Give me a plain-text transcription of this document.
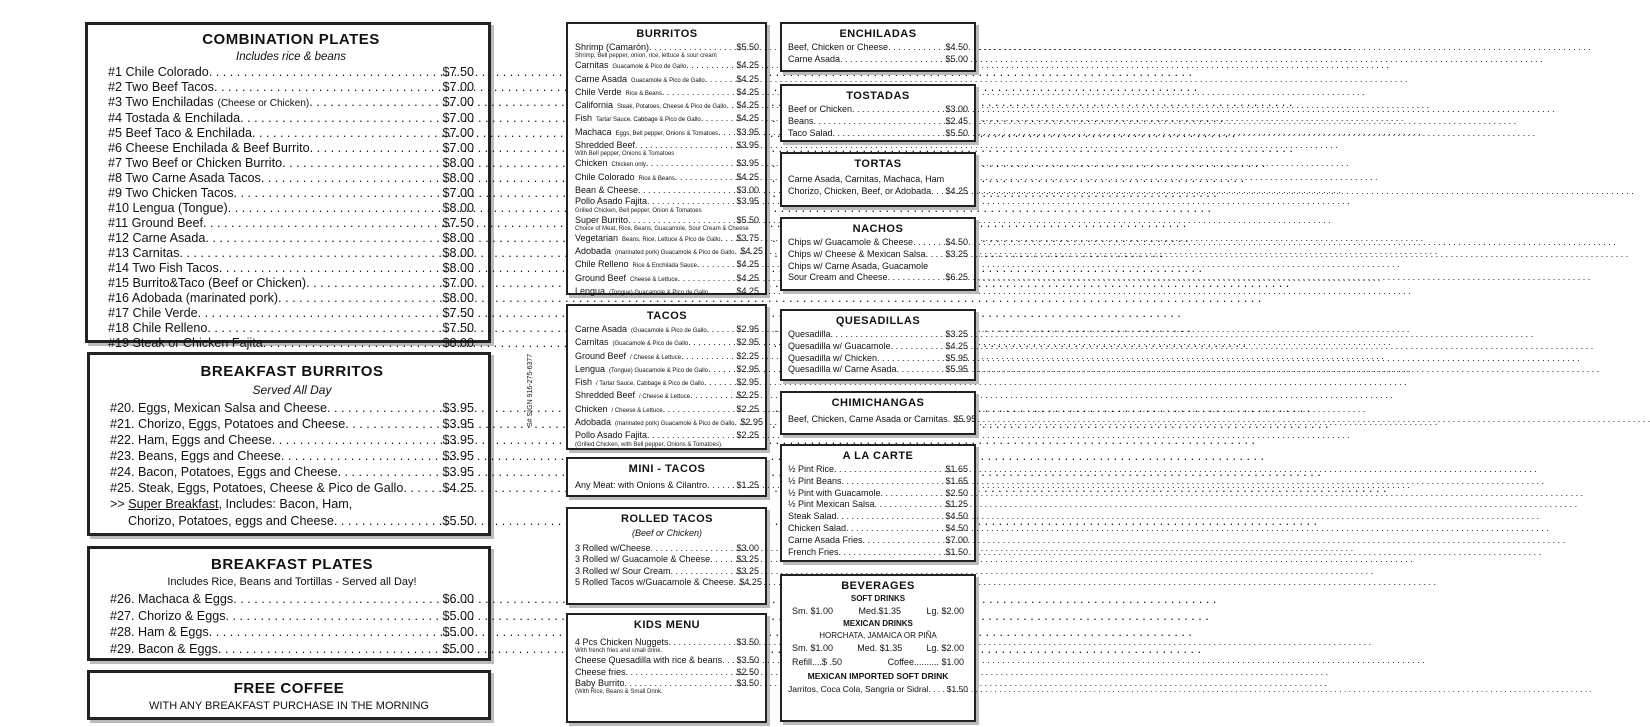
COMBINATION PLATES
Includes rice & beans
#1 Chile Colorado . . .	$7.50
#2 Two Beef Tacos . . .	$7.00
#3 Two Enchiladas (Cheese or Chicken) . . .	$7.00
#4 Tostada & Enchilada . . .	$7.00
#5 Beef Taco & Enchilada . . .	$7.00
#6 Cheese Enchilada & Beef Burrito . . .	$7.00
#7 Two Beef or Chicken Burrito . . .	$8.00
#8 Two Carne Asada Tacos . . .	$8.00
#9 Two Chicken Tacos . . .	$7.00
#10 Lengua (Tongue) . . .	$8.00
#11 Ground Beef . . .	$7.50
#12 Carne Asada . . .	$8.00
#13 Carnitas . . .	$8.00
#14 Two Fish Tacos . . .	$8.00
#15 Burrito&Taco (Beef or Chicken) . . .	$7.00
#16 Adobada (marinated pork) . . .	$8.00
#17 Chile Verde . . .	$7.50
#18 Chile Relleno . . .	$7.50
#19 Steak or Chicken Fajita . . .	$8.00
BREAKFAST BURRITOS
Served All Day
#20. Eggs, Mexican Salsa and Cheese . . .	$3.95
#21. Chorizo, Eggs, Potatoes and Cheese . . .	$3.95
#22. Ham, Eggs and Cheese . . .	$3.95
#23. Beans, Eggs and Cheese . . .	$3.95
#24. Bacon, Potatoes, Eggs and Cheese . . .	$3.95
#25. Steak, Eggs, Potatoes, Cheese & Pico de Gallo . . .	$4.25
>> Super Breakfast, Includes: Bacon, Ham,
Chorizo, Potatoes, eggs and Cheese . . .	$5.50
BREAKFAST PLATES
Includes Rice, Beans and Tortillas - Served all Day!
#26. Machaca & Eggs . . .	$6.00
#27. Chorizo & Eggs . . .	$5.00
#28. Ham & Eggs . . .	$5.00
#29. Bacon & Eggs . . .	$5.00
FREE COFFEE
WITH ANY BREAKFAST PURCHASE IN THE MORNING
S# SIGN 916-275-6377
BURRITOS
Shrimp (Camarón) . . .	$5.50
Shrimp, Bell pepper, onion, rice, lettuce & sour cream
Carnitas Guacamole & Pico de Gallo . . .	$4.25
Carne Asada Guacamole & Pico de Gallo . . .	$4.25
Chile Verde Rice & Beans . . .	$4.25
California Steak, Potatoes, Cheese & Pico de Gallo . . . $4.25
Fish Tartar Sauce, Cabbage & Pico de Gallo . . .	$4.25
Machaca Eggs, Bell pepper, Onions & Tomatoes . . . $3.95
Shredded Beef . . .	$3.95
With Bell pepper, Onions & Tomatoes
Chicken Chicken only . . .	$3.95
Chile Colorado Rice & Beans . . .	$4.25
Bean & Cheese . . .	$3.00
Pollo Asado Fajita . . .	$3.95
Grilled Chicken, Bell pepper, Onion & Tomatoes
Super Burrito . . .	$5.50
Choice of Meat, Rice, Beans, Guacamole, Sour Cream & Cheese
Vegetarian Beans, Rice, Lettuce & Pico de Gallo . . . $3.75
Adobada (marinated pork) Guacamole & Pico de Gallo . . . $4.25
Chile Relleno Rice & Enchilada Sauce . . .	$4.25
Ground Beef Cheese & Lettuce . . .	$4.25
Lengua (Tongue) Guacamole & Pico de Gallo . . .	$4.25
TACOS
Carne Asada (Guacamole & Pico de Gallo . . .	$2.95
Carnitas (Guacamole & Pico de Gallo . . .	$2.95
Ground Beef / Cheese & Lettuce . . .	$2.25
Lengua (Tongue) Guacamole & Pico de Gallo . . .	$2.95
Fish / Tartar Sauce, Cabbage & Pico de Gallo . . .	$2.95
Shredded Beef / Cheese & Lettuce . . .	$2.25
Chicken / Cheese & Lettuce . . .	$2.25
Adobada (marinated pork) Guacamole & Pico de Gallo . . . $2.95
Pollo Asado Fajita . . .	$2.25
(Grilled Chicken, with Bell pepper, Onions & Tomatoes).
MINI - TACOS
Any Meat: with Onions & Cilantro . . .	$1.25
ROLLED TACOS
(Beef or Chicken)
3 Rolled w/Cheese . . .	$3.00
3 Rolled w/ Guacamole & Cheese . . .	$3.25
3 Rolled w/ Sour Cream . . .	$3.25
5 Rolled Tacos w/Guacamole & Cheese . . . $4.25
KIDS MENU
4 Pcs Chicken Nuggets . . .	$3.50
With french fries and small drink.
Cheese Quesadilla with rice & beans . . . $3.50
Cheese fries . . .	$2.50
Baby Burrito . . .	$3.50
(With Rice, Beans & Small Drink.
ENCHILADAS
Beef, Chicken or Cheese . . .	$4.50
Carne Asada . . .	$5.00
TOSTADAS
Beef or Chicken . . .	$3.00
Beans . . .	$2.45
Taco Salad . . .	$5.50
TORTAS
Carne Asada, Carnitas, Machaca, Ham
Chorizo, Chicken, Beef, or Adobada . . . $4.25
NACHOS
Chips w/ Guacamole & Cheese . . .	$4.50
Chips w/ Cheese & Mexican Salsa . . . $3.25
Chips w/ Carne Asada, Guacamole
Sour Cream and Cheese . . .	$6.25
QUESADILLAS
Quesadilla . . .	$3.25
Quesadilla w/ Guacamole . . .	$4.25
Quesadilla w/ Chicken . . .	$5.95
Quesadilla w/ Carne Asada . . .	$5.95
CHIMICHANGAS
Beef, Chicken, Carne Asada or Carnitas . . . $5.95
A LA CARTE
½ Pint Rice . . .	$1.65
½ Pint Beans . . .	$1.65
½ Pint with Guacamole . . .	$2.50
½ Pint Mexican Salsa . . .	$1.25
Steak Salad . . .	$4.50
Chicken Salad . . .	$4.50
Carne Asada Fries . . .	$7.00
French Fries . . .	$1.50
BEVERAGES
SOFT DRINKS
Sm. $1.00	Med.$1.35	Lg. $2.00
MEXICAN DRINKS
HORCHATA, JAMAICA OR PIÑA
Sm. $1.00	Med. $1.35	Lg. $2.00
Refill....$ .50	Coffee.......... $1.00
MEXICAN IMPORTED SOFT DRINK
Jarritos, Coca Cola, Sangria or Sidral . . . $1.50
